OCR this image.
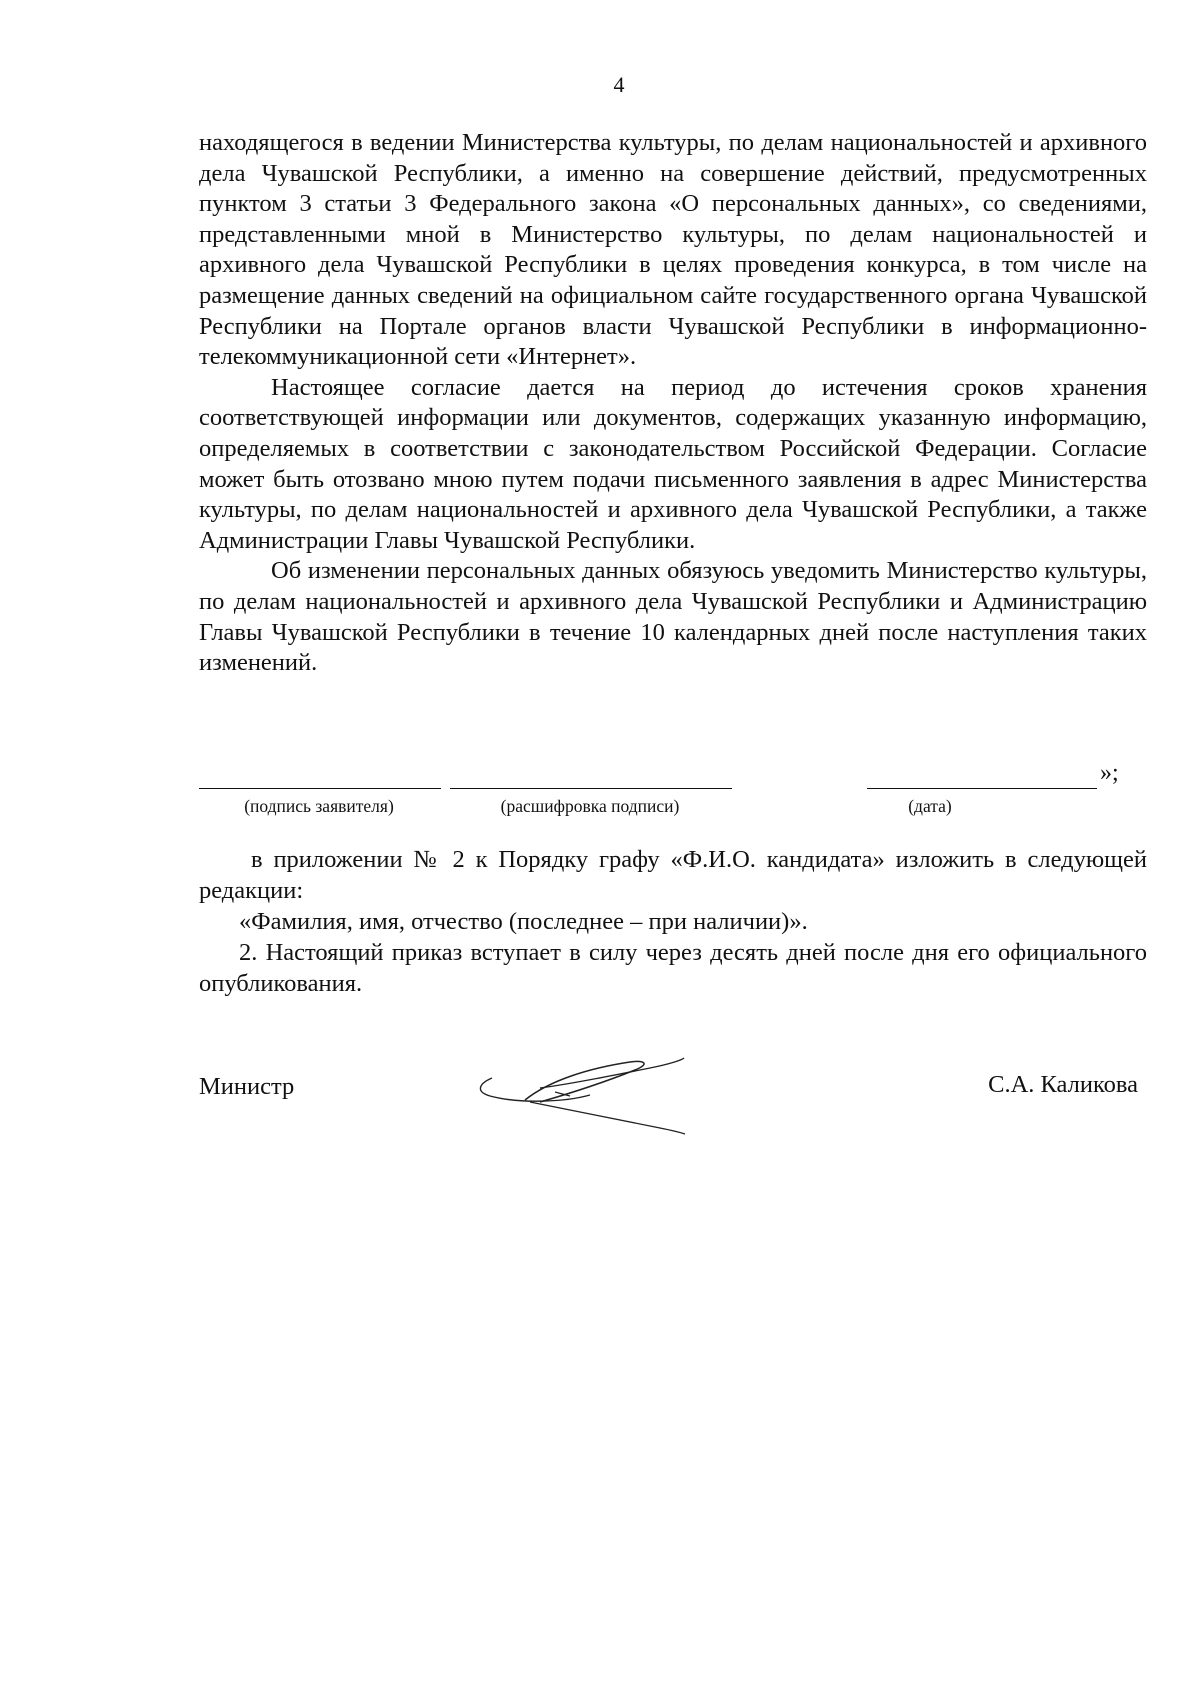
4

находящегося в ведении Министерства культуры, по делам национальностей и архивного дела Чувашской Республики, а именно на совершение действий, предусмотренных пунктом 3 статьи 3 Федерального закона «О персональных данных», со сведениями, представленными мной в Министерство культуры, по делам национальностей и архивного дела Чувашской Республики в целях проведения конкурса, в том числе на размещение данных сведений на официальном сайте государственного органа Чувашской Республики на Портале органов власти Чувашской Республики в информационно-телекоммуникационной сети «Интернет».

Настоящее согласие дается на период до истечения сроков хранения соответствующей информации или документов, содержащих указанную информацию, определяемых в соответствии с законодательством Российской Федерации. Согласие может быть отозвано мною путем подачи письменного заявления в адрес Министерства культуры, по делам национальностей и архивного дела Чувашской Республики, а также Администрации Главы Чувашской Республики.

Об изменении персональных данных обязуюсь уведомить Министерство культуры, по делам национальностей и архивного дела Чувашской Республики и Администрацию Главы Чувашской Республики в течение 10 календарных дней после наступления таких изменений.

»;
(подпись заявителя)	(расшифровка подписи)	(дата)

в приложении № 2 к Порядку графу «Ф.И.О. кандидата» изложить в следующей редакции:

«Фамилия, имя, отчество (последнее – при наличии)».

2. Настоящий приказ вступает в силу через десять дней после дня его официального опубликования.

Министр	С.А. Каликова
